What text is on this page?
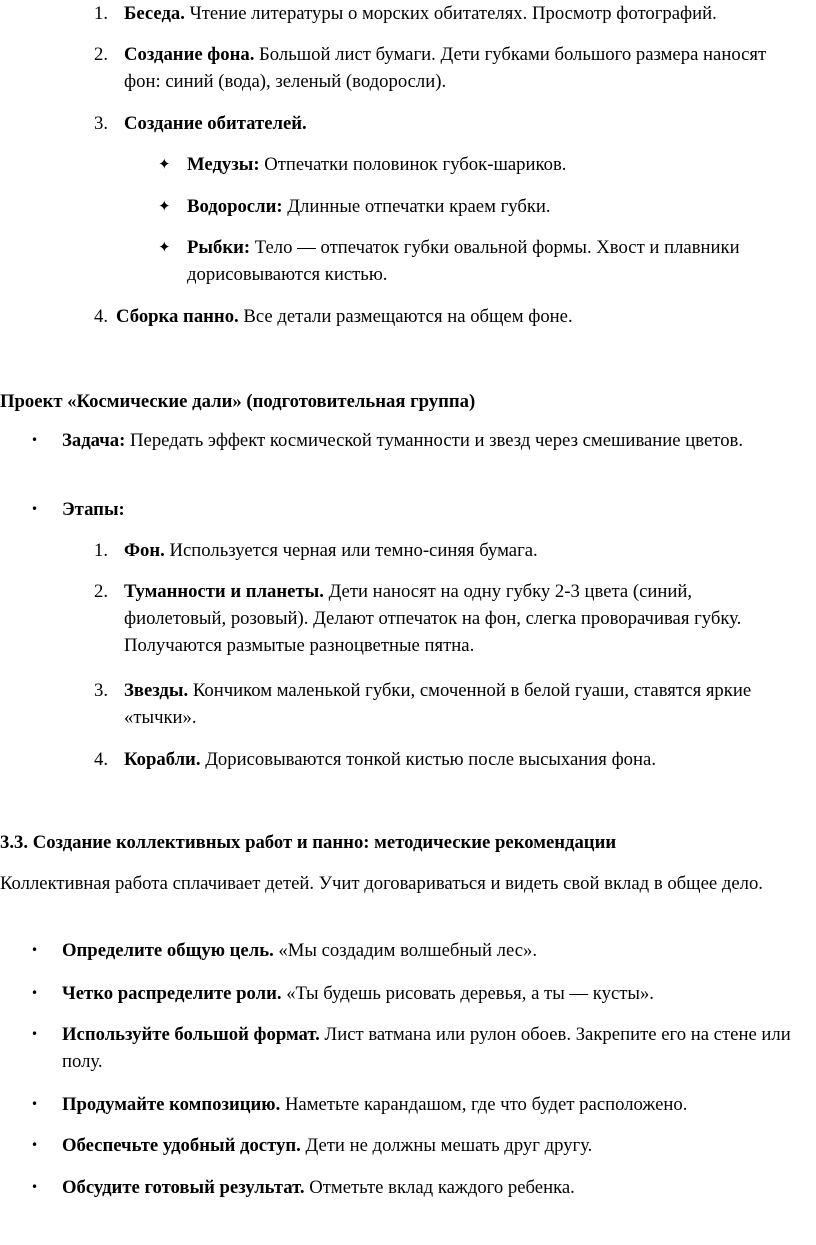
1. Беседа. Чтение литературы о морских обитателях. Просмотр фотографий.
2. Создание фона. Большой лист бумаги. Дети губками большого размера наносят фон: синий (вода), зеленый (водоросли).
3. Создание обитателей.
✦ Медузы: Отпечатки половинок губок-шариков.
✦ Водоросли: Длинные отпечатки краем губки.
✦ Рыбки: Тело — отпечаток губки овальной формы. Хвост и плавники дорисовываются кистью.
4. Сборка панно. Все детали размещаются на общем фоне.
Проект «Космические дали» (подготовительная группа)
• Задача: Передать эффект космической туманности и звезд через смешивание цветов.
• Этапы:
1. Фон. Используется черная или темно-синяя бумага.
2. Туманности и планеты. Дети наносят на одну губку 2-3 цвета (синий, фиолетовый, розовый). Делают отпечаток на фон, слегка проворачивая губку. Получаются размытые разноцветные пятна.
3. Звезды. Кончиком маленькой губки, смоченной в белой гуаши, ставятся яркие «тычки».
4. Корабли. Дорисовываются тонкой кистью после высыхания фона.
3.3. Создание коллективных работ и панно: методические рекомендации
Коллективная работа сплачивает детей. Учит договариваться и видеть свой вклад в общее дело.
• Определите общую цель. «Мы создадим волшебный лес».
• Четко распределите роли. «Ты будешь рисовать деревья, а ты — кусты».
• Используйте большой формат. Лист ватмана или рулон обоев. Закрепите его на стене или полу.
• Продумайте композицию. Наметьте карандашом, где что будет расположено.
• Обеспечьте удобный доступ. Дети не должны мешать друг другу.
• Обсудите готовый результат. Отметьте вклад каждого ребенка.
